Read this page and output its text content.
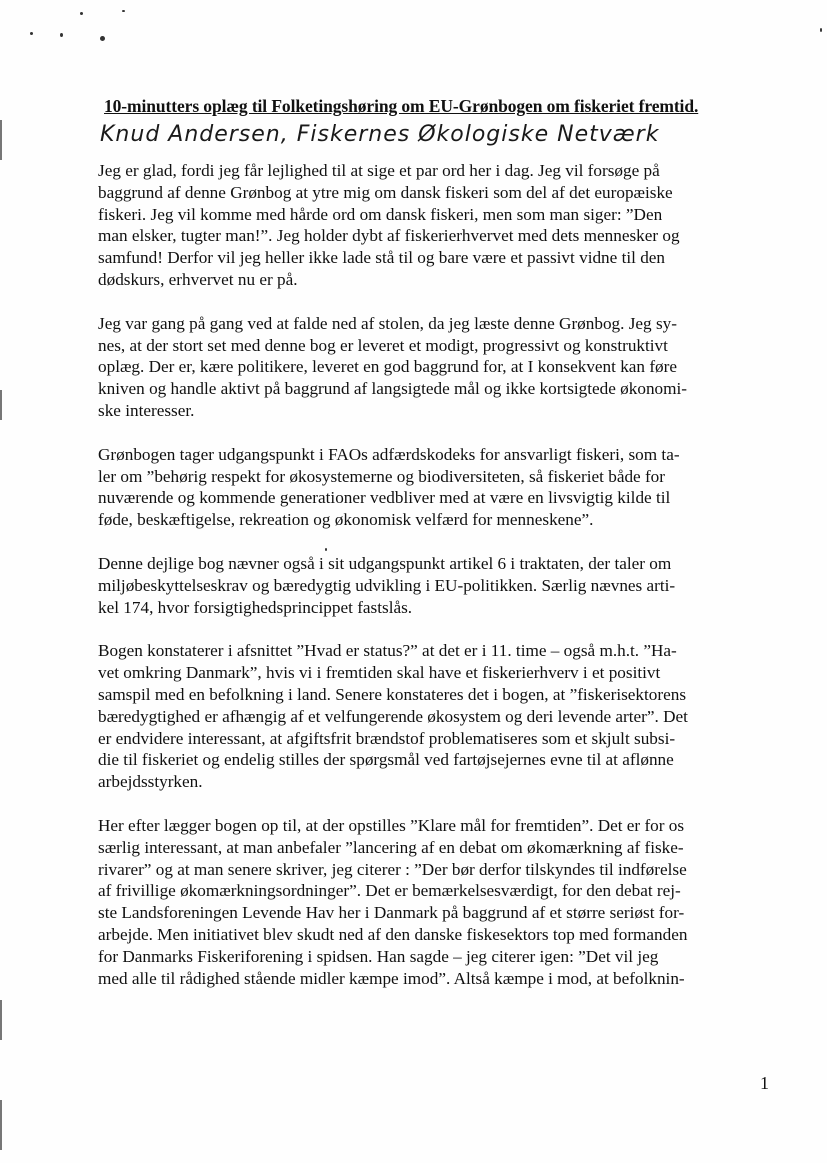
10-minutters oplæg til Folketingshøring om EU-Grønbogen om fiskeriet fremtid.
Knud Andersen, Fiskernes Økologiske Netværk
Jeg er glad, fordi jeg får lejlighed til at sige et par ord her i dag. Jeg vil forsøge på
baggrund af denne Grønbog at ytre mig om dansk fiskeri som del af det europæiske
fiskeri. Jeg vil komme med hårde ord om dansk fiskeri, men som man siger: ”Den
man elsker, tugter man!”. Jeg holder dybt af fiskerierhvervet med dets mennesker og
samfund! Derfor vil jeg heller ikke lade stå til og bare være et passivt vidne til den
dødskurs, erhvervet nu er på.
Jeg var gang på gang ved at falde ned af stolen, da jeg læste denne Grønbog. Jeg sy-
nes, at der stort set med denne bog er leveret et modigt, progressivt og konstruktivt
oplæg. Der er, kære politikere, leveret en god baggrund for, at I konsekvent kan føre
kniven og handle aktivt på baggrund af langsigtede mål og ikke kortsigtede økonomi-
ske interesser.
Grønbogen tager udgangspunkt i FAOs adfærdskodeks for ansvarligt fiskeri, som ta-
ler om ”behørig respekt for økosystemerne og biodiversiteten, så fiskeriet både for
nuværende og kommende generationer vedbliver med at være en livsvigtig kilde til
føde, beskæftigelse, rekreation og økonomisk velfærd for menneskene”.
Denne dejlige bog nævner også i sit udgangspunkt artikel 6 i traktaten, der taler om
miljøbeskyttelseskrav og bæredygtig udvikling i EU-politikken. Særlig nævnes arti-
kel 174, hvor forsigtighedsprincippet fastslås.
Bogen konstaterer i afsnittet ”Hvad er status?” at det er i 11. time – også m.h.t. ”Ha-
vet omkring Danmark”, hvis vi i fremtiden skal have et fiskerierhverv i et positivt
samspil med en befolkning i land. Senere konstateres det i bogen, at ”fiskerisektorens
bæredygtighed er afhængig af et velfungerende økosystem og deri levende arter”. Det
er endvidere interessant, at afgiftsfrit brændstof problematiseres som et skjult subsi-
die til fiskeriet og endelig stilles der spørgsmål ved fartøjsejernes evne til at aflønne
arbejdsstyrken.
Her efter lægger bogen op til, at der opstilles ”Klare mål for fremtiden”. Det er for os
særlig interessant, at man anbefaler ”lancering af en debat om økomærkning af fiske-
rivarer” og at man senere skriver, jeg citerer : ”Der bør derfor tilskyndes til indførelse
af frivillige økomærkningsordninger”. Det er bemærkelsesværdigt, for den debat rej-
ste Landsforeningen Levende Hav her i Danmark på baggrund af et større seriøst for-
arbejde. Men initiativet blev skudt ned af den danske fiskesektors top med formanden
for Danmarks Fiskeriforening i spidsen. Han sagde – jeg citerer igen: ”Det vil jeg
med alle til rådighed stående midler kæmpe imod”. Altså kæmpe i mod, at befolknin-
1
